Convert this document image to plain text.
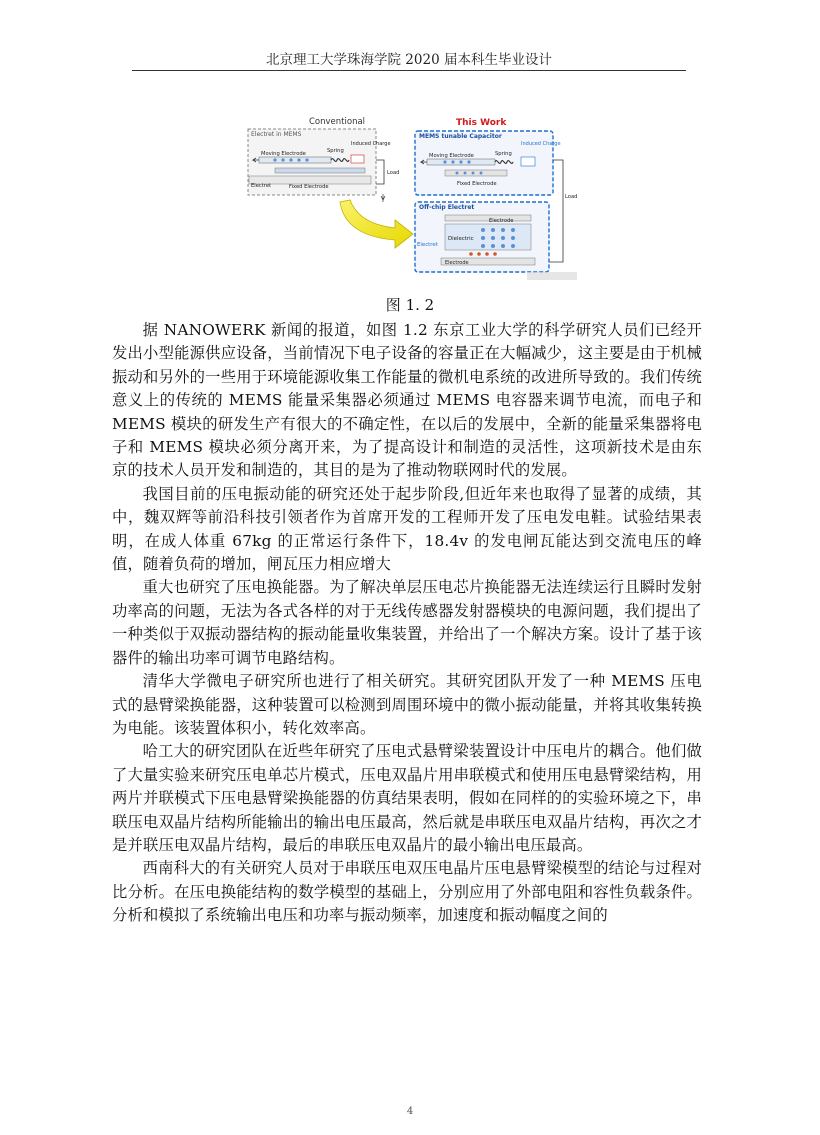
北京理工大学珠海学院 2020 届本科生毕业设计
Conventional
Electret in MEMS
Moving Electrode	Spring
Induced Charge
Electret	Fixed Electrode
Load
This Work
MEMS tunable Capacitor
Moving Electrode	Spring
Induced Charge
Fixed Electrode
Load
Off-chip Electret
Electrode
Dielectric
Electret
Electrode
图 1. 2

据 NANOWERK 新闻的报道，如图 1.2 东京工业大学的科学研究人员们已经开发出小型能源供应设备，当前情况下电子设备的容量正在大幅减少，这主要是由于机械振动和另外的一些用于环境能源收集工作能量的微机电系统的改进所导致的。我们传统意义上的传统的 MEMS 能量采集器必须通过 MEMS 电容器来调节电流，而电子和 MEMS 模块的研发生产有很大的不确定性，在以后的发展中，全新的能量采集器将电子和 MEMS 模块必须分离开来，为了提高设计和制造的灵活性，这项新技术是由东京的技术人员开发和制造的，其目的是为了推动物联网时代的发展。

我国目前的压电振动能的研究还处于起步阶段,但近年来也取得了显著的成绩，其中，魏双辉等前沿科技引领者作为首席开发的工程师开发了压电发电鞋。试验结果表明，在成人体重 67kg 的正常运行条件下，18.4v 的发电闸瓦能达到交流电压的峰值，随着负荷的增加，闸瓦压力相应增大

重大也研究了压电换能器。为了解决单层压电芯片换能器无法连续运行且瞬时发射功率高的问题，无法为各式各样的对于无线传感器发射器模块的电源问题，我们提出了一种类似于双振动器结构的振动能量收集装置，并给出了一个解决方案。设计了基于该器件的输出功率可调节电路结构。

清华大学微电子研究所也进行了相关研究。其研究团队开发了一种 MEMS 压电式的悬臂梁换能器，这种装置可以检测到周围环境中的微小振动能量，并将其收集转换为电能。该装置体积小，转化效率高。

哈工大的研究团队在近些年研究了压电式悬臂梁装置设计中压电片的耦合。他们做了大量实验来研究压电单芯片模式，压电双晶片用串联模式和使用压电悬臂梁结构，用两片并联模式下压电悬臂梁换能器的仿真结果表明，假如在同样的的实验环境之下，串联压电双晶片结构所能输出的输出电压最高，然后就是串联压电双晶片结构，再次之才是并联压电双晶片结构，最后的串联压电双晶片的最小输出电压最高。

西南科大的有关研究人员对于串联压电双压电晶片压电悬臂梁模型的结论与过程对比分析。在压电换能结构的数学模型的基础上，分别应用了外部电阻和容性负载条件。分析和模拟了系统输出电压和功率与振动频率，加速度和振动幅度之间的

4
